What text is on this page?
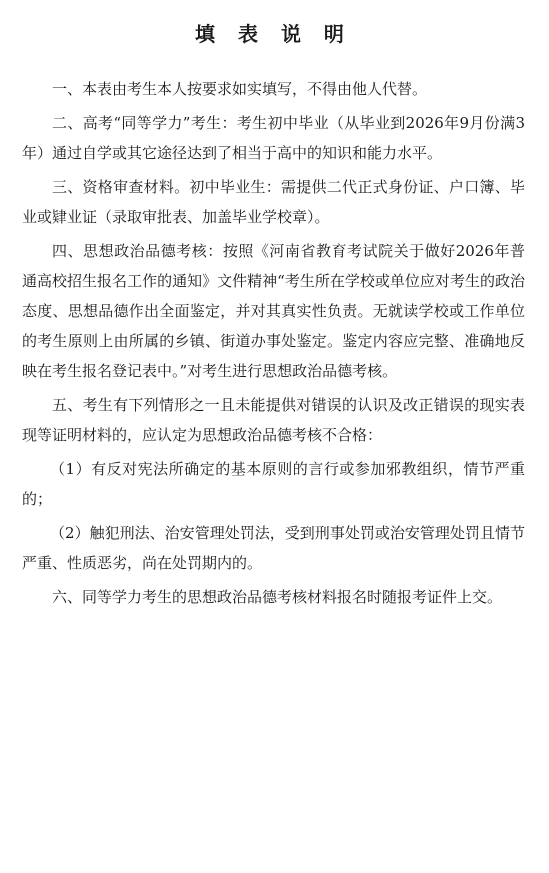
填 表 说 明

一、本表由考生本人按要求如实填写，不得由他人代替。

二、高考“同等学力”考生：考生初中毕业（从毕业到2026年9月份满3年）通过自学或其它途径达到了相当于高中的知识和能力水平。

三、资格审查材料。初中毕业生：需提供二代正式身份证、户口簿、毕业或肄业证（录取审批表、加盖毕业学校章）。

四、思想政治品德考核：按照《河南省教育考试院关于做好2026年普通高校招生报名工作的通知》文件精神“考生所在学校或单位应对考生的政治态度、思想品德作出全面鉴定，并对其真实性负责。无就读学校或工作单位的考生原则上由所属的乡镇、街道办事处鉴定。鉴定内容应完整、准确地反映在考生报名登记表中。”对考生进行思想政治品德考核。

五、考生有下列情形之一且未能提供对错误的认识及改正错误的现实表现等证明材料的，应认定为思想政治品德考核不合格：

（1）有反对宪法所确定的基本原则的言行或参加邪教组织，情节严重的；

（2）触犯刑法、治安管理处罚法，受到刑事处罚或治安管理处罚且情节严重、性质恶劣，尚在处罚期内的。

六、同等学力考生的思想政治品德考核材料报名时随报考证件上交。
